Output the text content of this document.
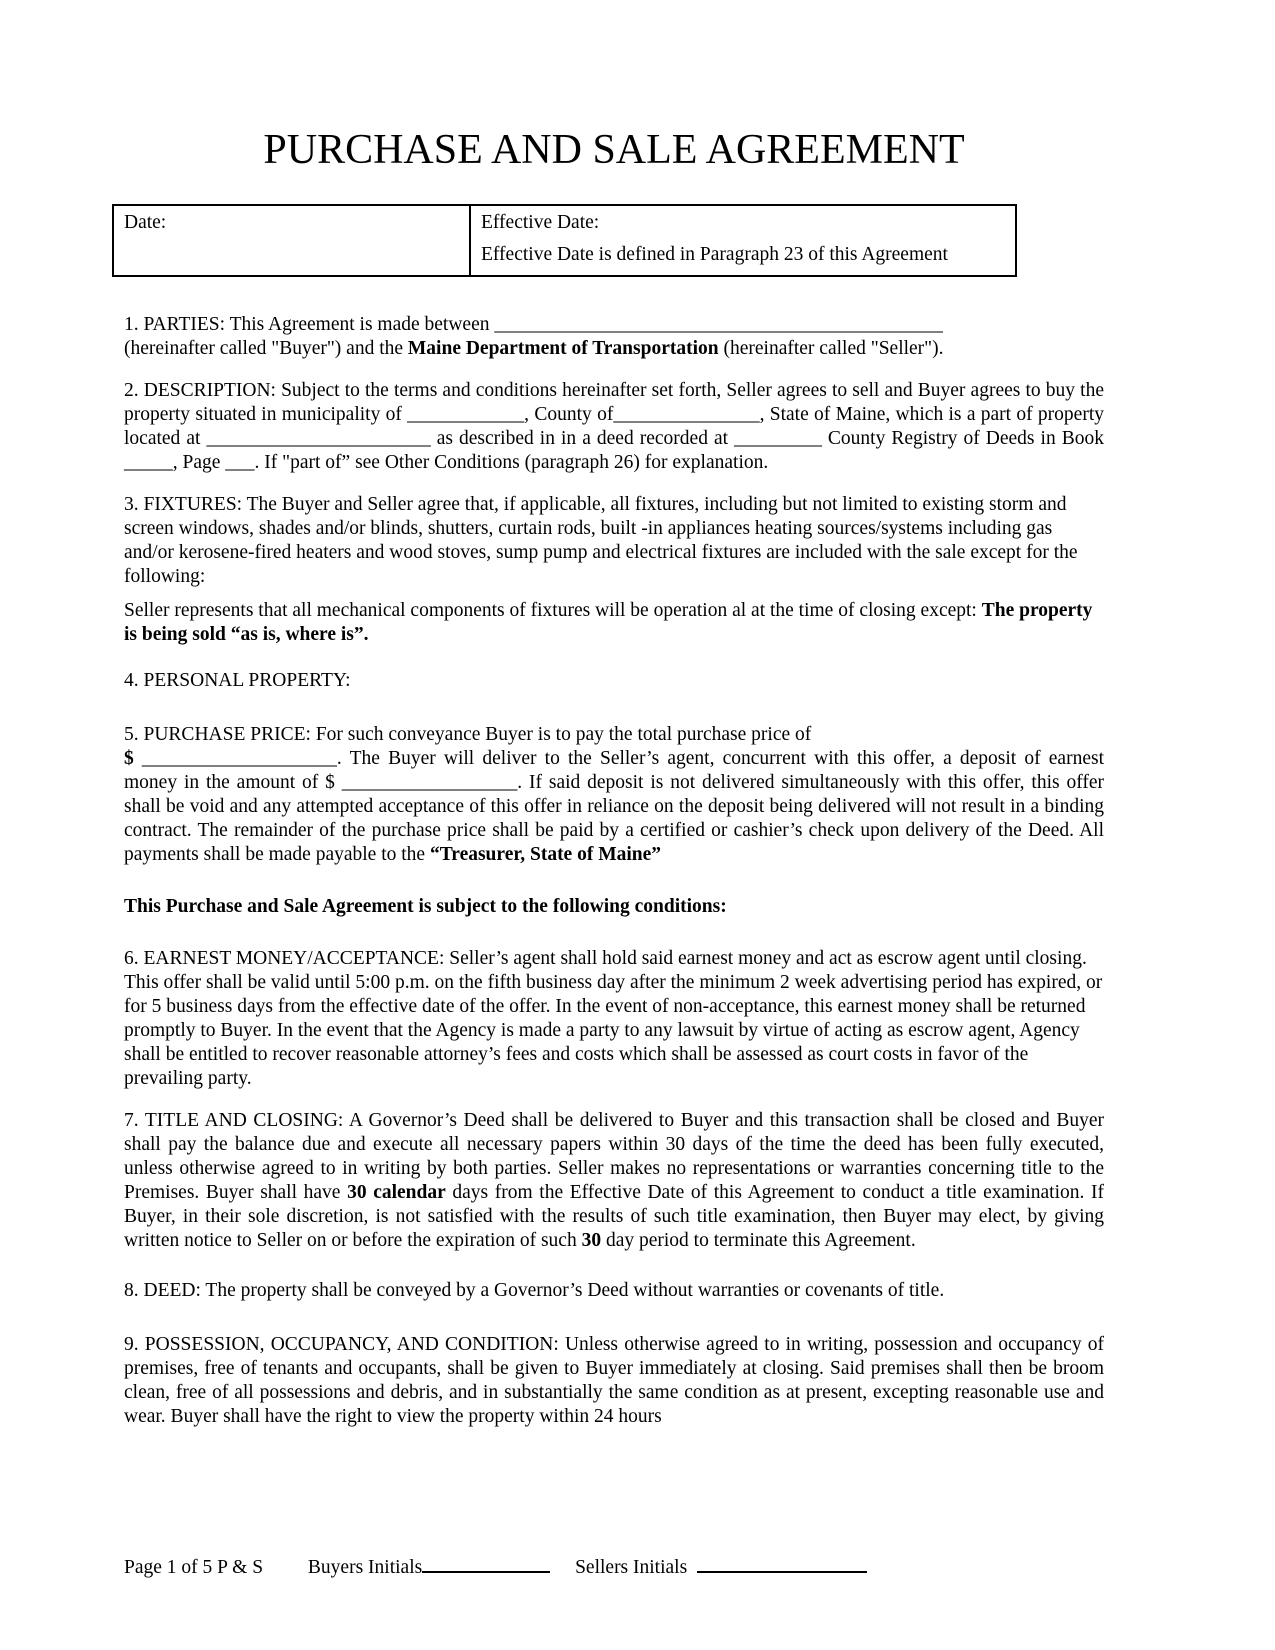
PURCHASE AND SALE AGREEMENT
Date:	Effective Date:
Effective Date is defined in Paragraph 23 of this Agreement

1. PARTIES: This Agreement is made between ______________________________________________
(hereinafter called "Buyer") and the Maine Department of Transportation (hereinafter called "Seller").

2. DESCRIPTION: Subject to the terms and conditions hereinafter set forth, Seller agrees to sell and Buyer agrees to buy the property situated in municipality of ____________, County of_______________, State of Maine, which is a part of property located at _______________________ as described in in a deed recorded at _________ County Registry of Deeds in Book _____, Page ___. If "part of” see Other Conditions (paragraph 26) for explanation.

3. FIXTURES: The Buyer and Seller agree that, if applicable, all fixtures, including but not limited to existing storm and screen windows, shades and/or blinds, shutters, curtain rods, built -in appliances heating sources/systems including gas and/or kerosene-fired heaters and wood stoves, sump pump and electrical fixtures are included with the sale except for the following:

Seller represents that all mechanical components of fixtures will be operation al at the time of closing except: The property is being sold “as is, where is”.

4. PERSONAL PROPERTY:

5. PURCHASE PRICE: For such conveyance Buyer is to pay the total purchase price of
$ ____________________. The Buyer will deliver to the Seller’s agent, concurrent with this offer, a deposit of earnest money in the amount of $ __________________. If said deposit is not delivered simultaneously with this offer, this offer shall be void and any attempted acceptance of this offer in reliance on the deposit being delivered will not result in a binding contract. The remainder of the purchase price shall be paid by a certified or cashier’s check upon delivery of the Deed. All payments shall be made payable to the “Treasurer, State of Maine”

This Purchase and Sale Agreement is subject to the following conditions:

6. EARNEST MONEY/ACCEPTANCE: Seller’s agent shall hold said earnest money and act as escrow agent until closing. This offer shall be valid until 5:00 p.m. on the fifth business day after the minimum 2 week advertising period has expired, or for 5 business days from the effective date of the offer. In the event of non-acceptance, this earnest money shall be returned promptly to Buyer. In the event that the Agency is made a party to any lawsuit by virtue of acting as escrow agent, Agency shall be entitled to recover reasonable attorney’s fees and costs which shall be assessed as court costs in favor of the prevailing party.

7. TITLE AND CLOSING: A Governor’s Deed shall be delivered to Buyer and this transaction shall be closed and Buyer shall pay the balance due and execute all necessary papers within 30 days of the time the deed has been fully executed, unless otherwise agreed to in writing by both parties. Seller makes no representations or warranties concerning title to the Premises. Buyer shall have 30 calendar days from the Effective Date of this Agreement to conduct a title examination. If Buyer, in their sole discretion, is not satisfied with the results of such title examination, then Buyer may elect, by giving written notice to Seller on or before the expiration of such 30 day period to terminate this Agreement.

8. DEED: The property shall be conveyed by a Governor’s Deed without warranties or covenants of title.

9. POSSESSION, OCCUPANCY, AND CONDITION: Unless otherwise agreed to in writing, possession and occupancy of premises, free of tenants and occupants, shall be given to Buyer immediately at closing. Said premises shall then be broom clean, free of all possessions and debris, and in substantially the same condition as at present, excepting reasonable use and wear. Buyer shall have the right to view the property within 24 hours

Page 1 of 5 P & S Buyers Initials	Sellers Initials
